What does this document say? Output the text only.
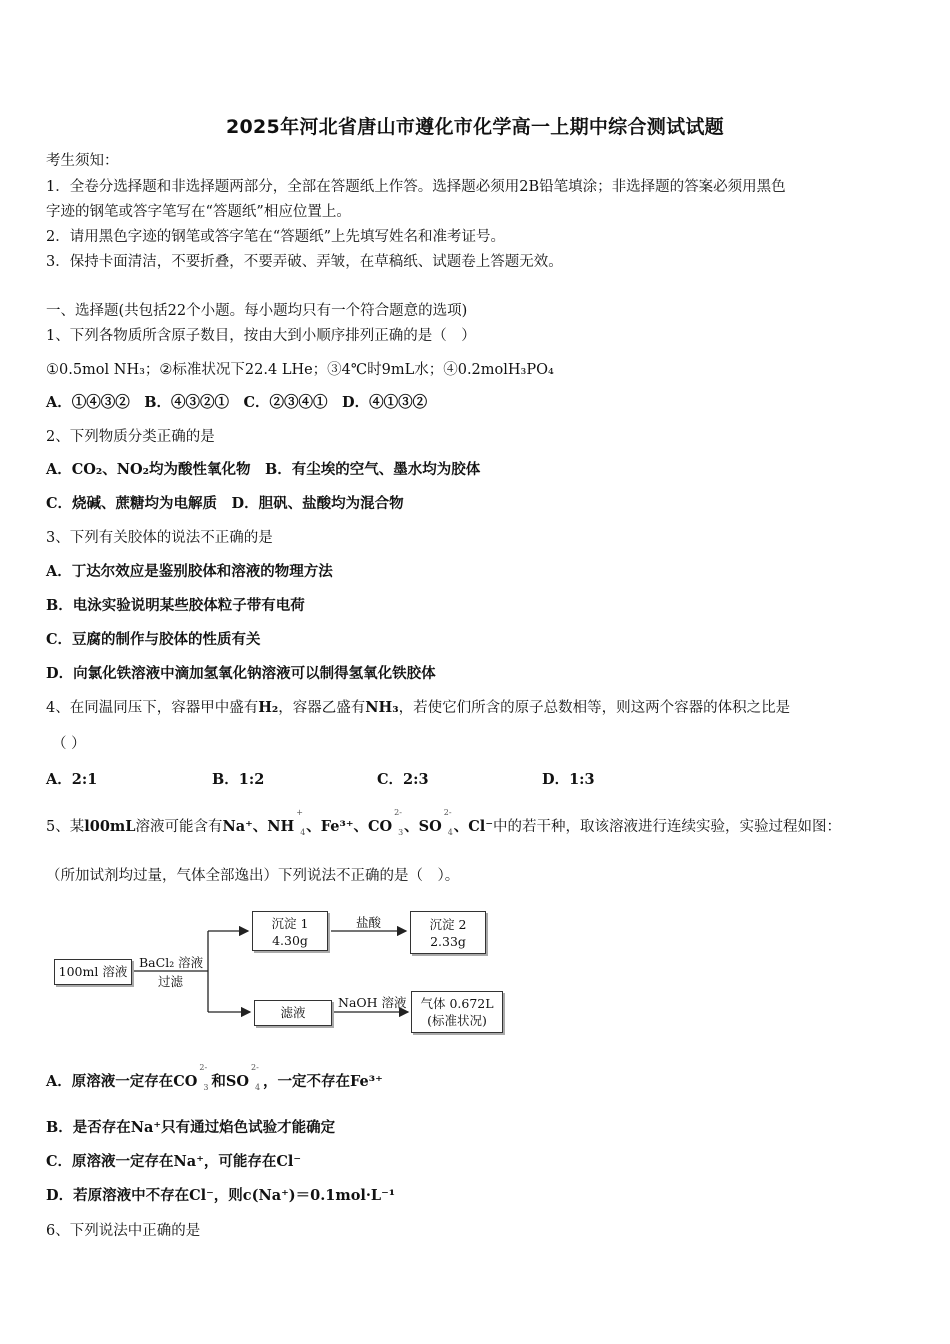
2025年河北省唐山市遵化市化学高一上期中综合测试试题
考生须知：
1．全卷分选择题和非选择题两部分，全部在答题纸上作答。选择题必须用2B铅笔填涂；非选择题的答案必须用黑色
字迹的钢笔或答字笔写在“答题纸”相应位置上。
2．请用黑色字迹的钢笔或答字笔在“答题纸”上先填写姓名和准考证号。
3．保持卡面清洁，不要折叠，不要弄破、弄皱，在草稿纸、试题卷上答题无效。
一、选择题(共包括22个小题。每小题均只有一个符合题意的选项)
1、下列各物质所含原子数目，按由大到小顺序排列正确的是（　）
①0.5mol NH₃；②标准状况下22.4 LHe；③4℃时9mL水；④0.2molH₃PO₄
A．①④③②　B．④③②①　C．②③④①　D．④①③②
2、下列物质分类正确的是
A．CO₂、NO₂均为酸性氧化物　B．有尘埃的空气、墨水均为胶体
C．烧碱、蔗糖均为电解质　D．胆矾、盐酸均为混合物
3、下列有关胶体的说法不正确的是
A．丁达尔效应是鉴别胶体和溶液的物理方法
B．电泳实验说明某些胶体粒子带有电荷
C．豆腐的制作与胶体的性质有关
D．向氯化铁溶液中滴加氢氧化钠溶液可以制得氢氧化铁胶体
4、在同温同压下，容器甲中盛有H₂，容器乙盛有NH₃，若使它们所含的原子总数相等，则这两个容器的体积之比是
（ ）
A．2:1	B．1:2	C．2:3	D．1:3
5、某l00mL溶液可能含有Na⁺、NH
+
4 、Fe³⁺、CO
2-
3 、SO
2-
4 、Cl⁻中的若干种，取该溶液进行连续实验，实验过程如图：
（所加试剂均过量，气体全部逸出）下列说法不正确的是（　）。
100ml 溶液
BaCl₂ 溶液
过滤
沉淀 1
4.30g
盐酸	沉淀 2
2.33g
滤液
NaOH 溶液	气体 0.672L
(标准状况)
A．原溶液一定存在CO
2-
3 和SO
2-
4 ，一定不存在Fe³⁺
B．是否存在Na⁺只有通过焰色试验才能确定
C．原溶液一定存在Na⁺，可能存在Cl⁻
D．若原溶液中不存在Cl⁻，则c(Na⁺)＝0.1mol·L⁻¹
6、下列说法中正确的是
